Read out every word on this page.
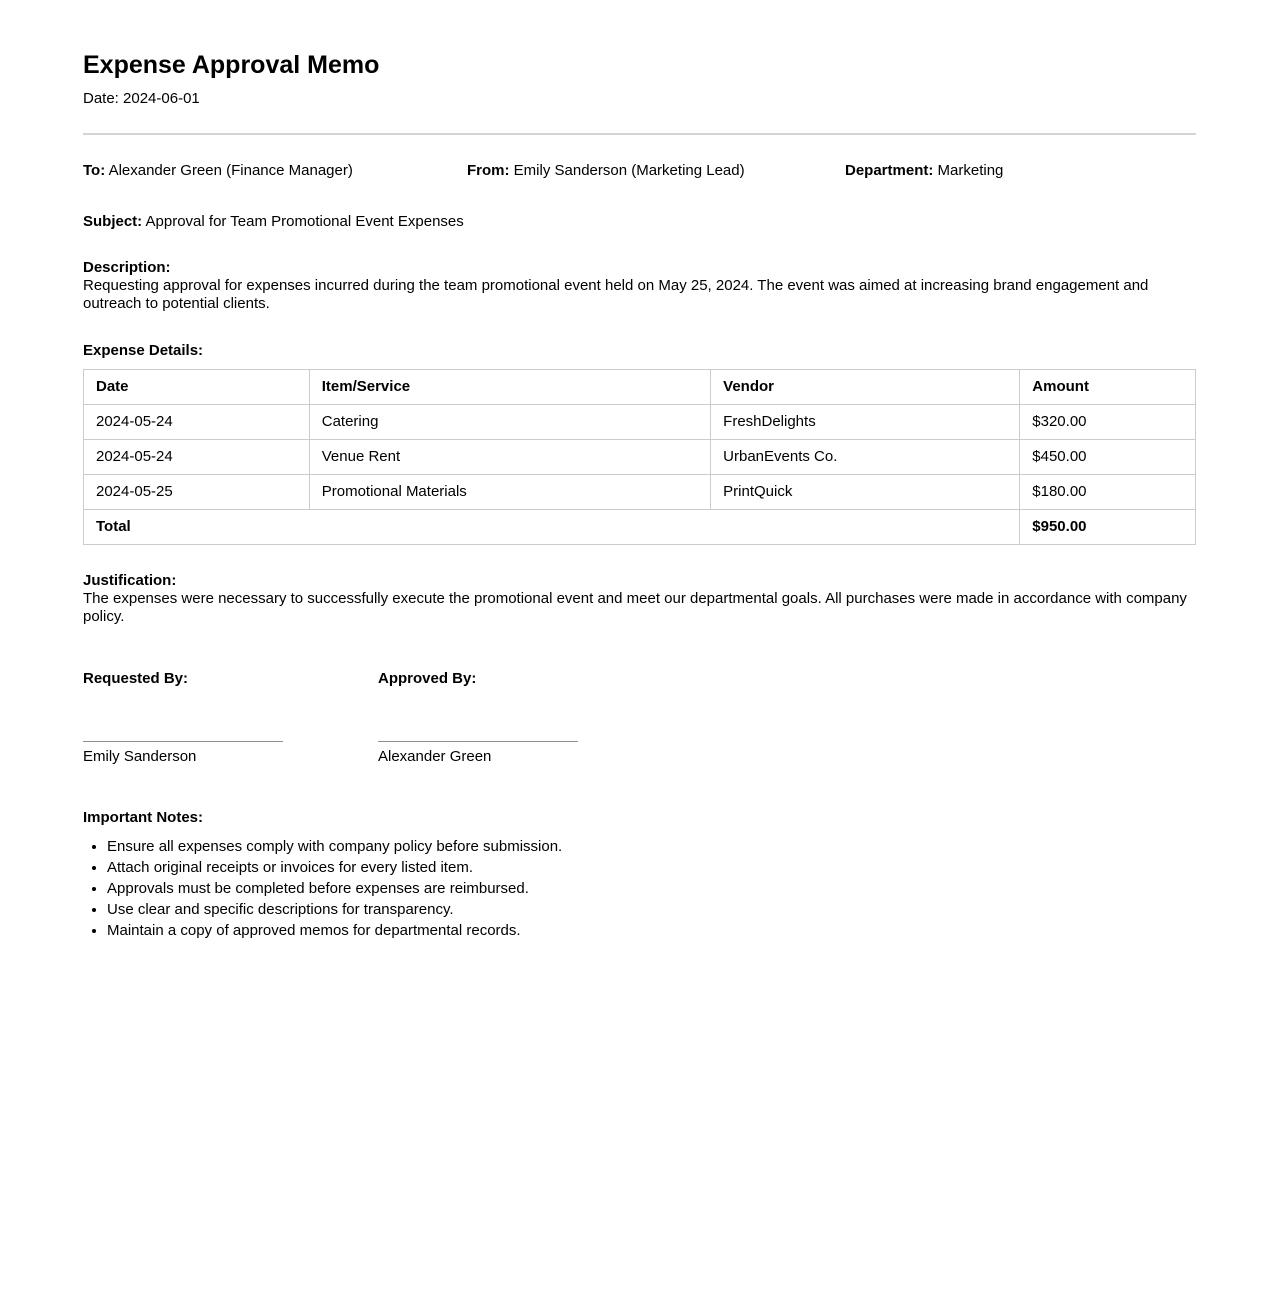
Expense Approval Memo

Date: 2024-06-01

To: Alexander Green (Finance Manager)	From: Emily Sanderson (Marketing Lead)	Department: Marketing
Subject: Approval for Team Promotional Event Expenses

Description:

Requesting approval for expenses incurred during the team promotional event held on May 25, 2024. The event was aimed at increasing brand engagement and outreach to potential clients.

Expense Details:

Date	Item/Service	Vendor	Amount
2024-05-24	Catering	FreshDelights	$320.00
2024-05-24	Venue Rent	UrbanEvents Co.	$450.00
2024-05-25	Promotional Materials	PrintQuick	$180.00
Total			$950.00

Justification:

The expenses were necessary to successfully execute the promotional event and meet our departmental goals. All purchases were made in accordance with company policy.

Requested By:

Emily Sanderson

Approved By:

Alexander Green

Important Notes:

• Ensure all expenses comply with company policy before submission.
• Attach original receipts or invoices for every listed item.
• Approvals must be completed before expenses are reimbursed.
• Use clear and specific descriptions for transparency.
• Maintain a copy of approved memos for departmental records.
